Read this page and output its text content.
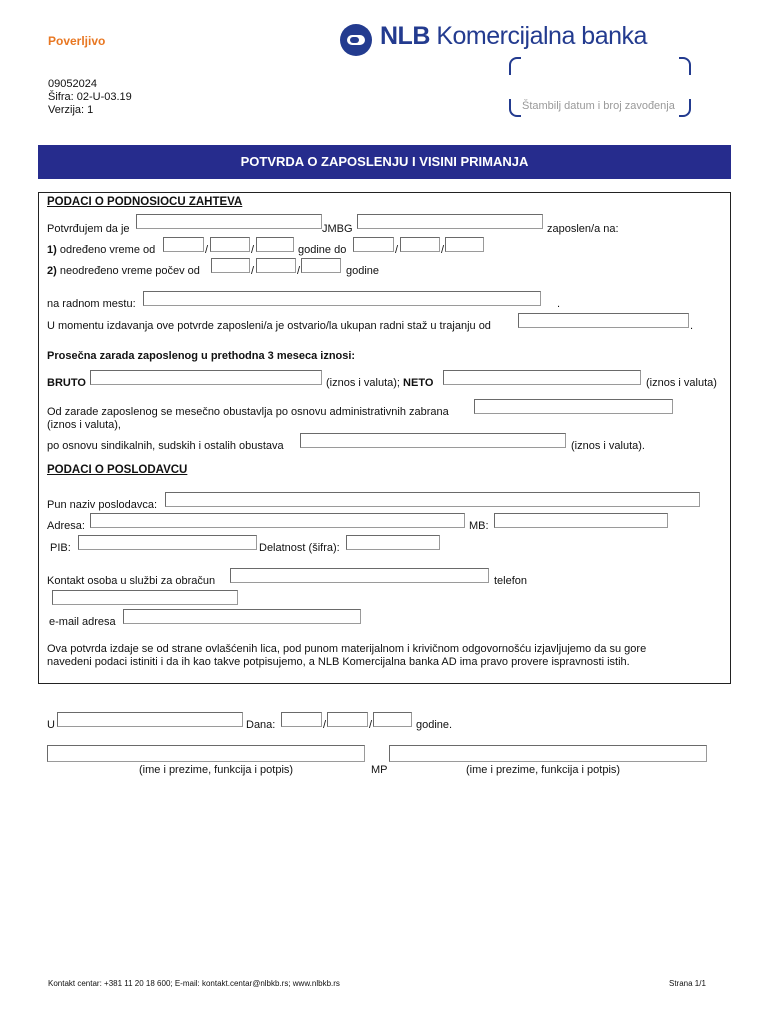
Poverljivo	NLB Komercijalna banka
09052024
Šifra: 02-U-03.19
Verzija: 1	Štambilj datum i broj zavođenja
POTVRDA O ZAPOSLENJU I VISINI PRIMANJA
PODACI O PODNOSIOCU ZAHTEVA
Potvrđujem da je	JMBG	zaposlen/a na:
1) određeno vreme od	/	/	godine do	/	/
2) neodređeno vreme počev od	/	/	godine
na radnom mestu:	.
U momentu izdavanja ove potvrde zaposleni/a je ostvario/la ukupan radni staž u trajanju od	.
Prosečna zarada zaposlenog u prethodna 3 meseca iznosi:
BRUTO	(iznos i valuta); NETO	(iznos i valuta)
Od zarade zaposlenog se mesečno obustavlja po osnovu administrativnih zabrana
(iznos i valuta),
po osnovu sindikalnih, sudskih i ostalih obustava	(iznos i valuta).
PODACI O POSLODAVCU
Pun naziv poslodavca:
Adresa:	MB:
PIB:	Delatnost (šifra):
Kontakt osoba u službi za obračun	telefon
e-mail adresa
Ova potvrda izdaje se od strane ovlašćenih lica, pod punom materijalnom i krivičnom odgovornošću izjavljujemo da su gore
navedeni podaci istiniti i da ih kao takve potpisujemo, a NLB Komercijalna banka AD ima pravo provere ispravnosti istih.
U	Dana:	/	/	godine.
(ime i prezime, funkcija i potpis)	MP	(ime i prezime, funkcija i potpis)
Kontakt centar: +381 11 20 18 600; E-mail: kontakt.centar@nlbkb.rs; www.nlbkb.rs	Strana 1/1
